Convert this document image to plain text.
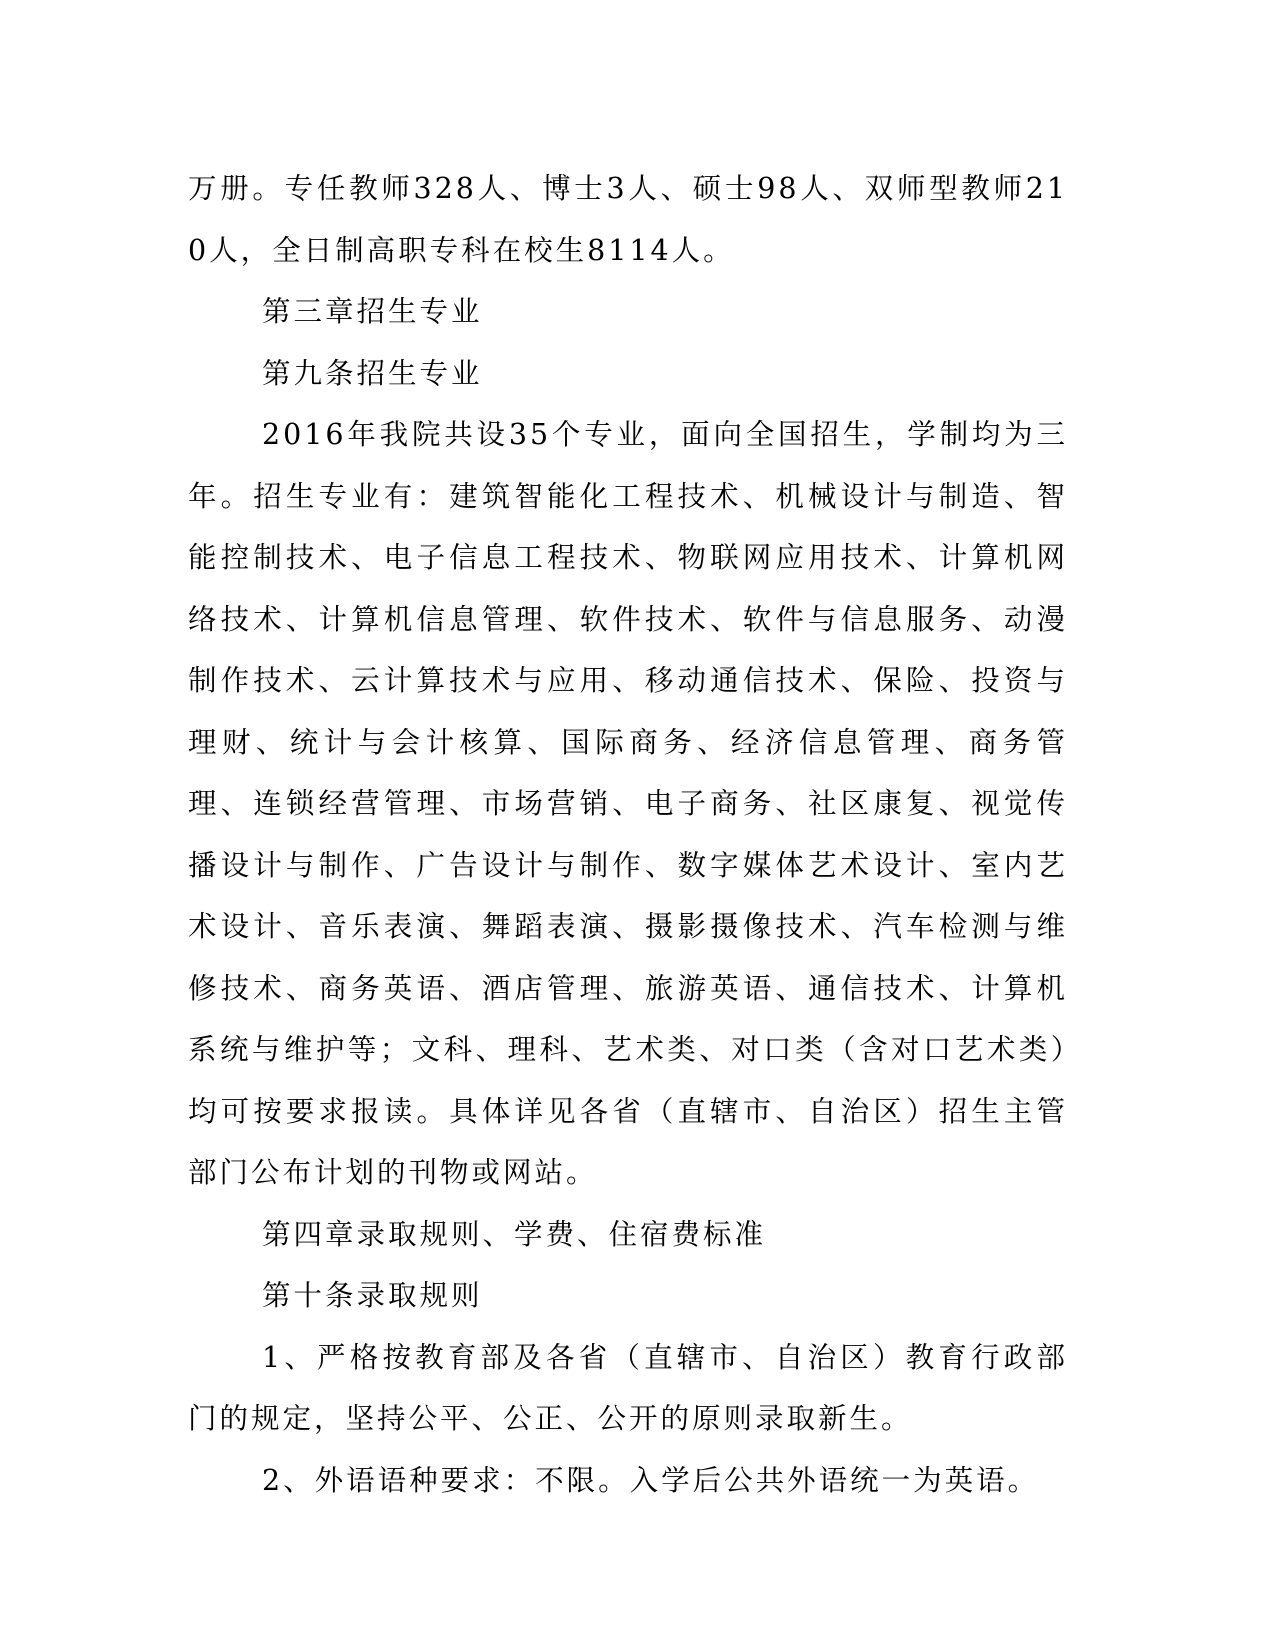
万册。专任教师328人、博士3人、硕士98人、双师型教师210人，全日制高职专科在校生8114人。

第三章招生专业

第九条招生专业

2016年我院共设35个专业，面向全国招生，学制均为三年。招生专业有：建筑智能化工程技术、机械设计与制造、智能控制技术、电子信息工程技术、物联网应用技术、计算机网络技术、计算机信息管理、软件技术、软件与信息服务、动漫制作技术、云计算技术与应用、移动通信技术、保险、投资与理财、统计与会计核算、国际商务、经济信息管理、商务管理、连锁经营管理、市场营销、电子商务、社区康复、视觉传播设计与制作、广告设计与制作、数字媒体艺术设计、室内艺术设计、音乐表演、舞蹈表演、摄影摄像技术、汽车检测与维修技术、商务英语、酒店管理、旅游英语、通信技术、计算机系统与维护等；文科、理科、艺术类、对口类（含对口艺术类）均可按要求报读。具体详见各省（直辖市、自治区）招生主管部门公布计划的刊物或网站。

第四章录取规则、学费、住宿费标准

第十条录取规则

1、严格按教育部及各省（直辖市、自治区）教育行政部门的规定，坚持公平、公正、公开的原则录取新生。

2、外语语种要求：不限。入学后公共外语统一为英语。
